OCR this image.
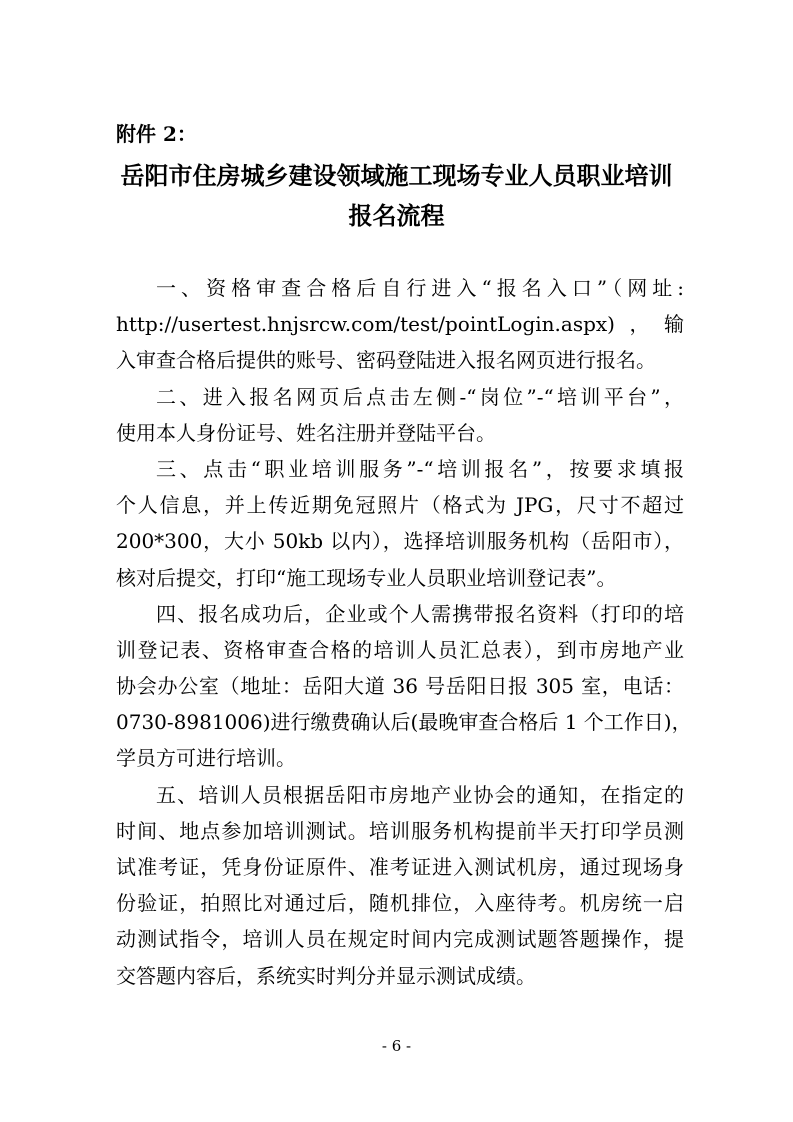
附件 2：
岳阳市住房城乡建设领域施工现场专业人员职业培训
报名流程

一、资格审查合格后自行进入“报名入口”（网址:

http://usertest.hnjsrcw.com/test/pointLogin.aspx)，输

入审查合格后提供的账号、密码登陆进入报名网页进行报名。

二、进入报名网页后点击左侧-“岗位”-“培训平台”，

使用本人身份证号、姓名注册并登陆平台。

三、点击“职业培训服务”-“培训报名”，按要求填报

个人信息，并上传近期免冠照片（格式为 JPG，尺寸不超过

200*300，大小 50kb 以内），选择培训服务机构（岳阳市），

核对后提交，打印“施工现场专业人员职业培训登记表”。

四、报名成功后，企业或个人需携带报名资料（打印的培

训登记表、资格审查合格的培训人员汇总表），到市房地产业

协会办公室（地址：岳阳大道 36 号岳阳日报 305 室，电话：

0730-8981006)进行缴费确认后(最晚审查合格后 1 个工作日)，

学员方可进行培训。

五、培训人员根据岳阳市房地产业协会的通知，在指定的

时间、地点参加培训测试。培训服务机构提前半天打印学员测

试准考证，凭身份证原件、准考证进入测试机房，通过现场身

份验证，拍照比对通过后，随机排位，入座待考。机房统一启

动测试指令，培训人员在规定时间内完成测试题答题操作，提

交答题内容后，系统实时判分并显示测试成绩。

- 6 -
